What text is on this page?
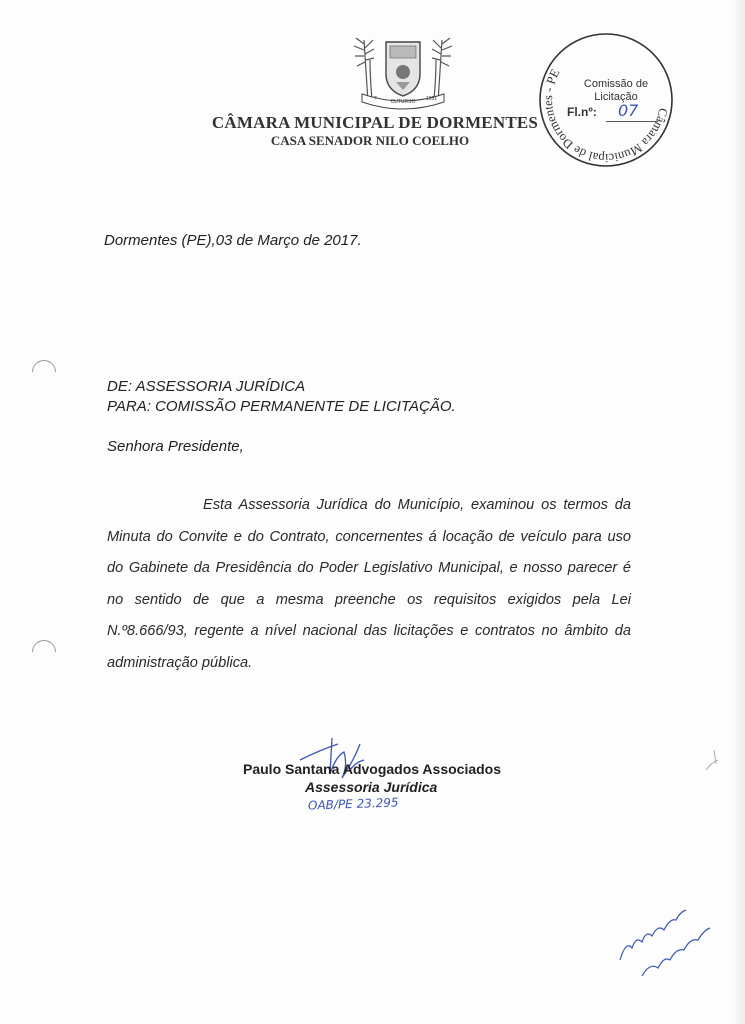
CUTURSO
?	1951
CÂMARA MUNICIPAL DE DORMENTES
CASA SENADOR NILO COELHO
Câmara Municipal de Dormentes - PE
Comissão de
Licitação
Fl.nº: 07
Dormentes (PE),03 de Março de 2017.
DE: ASSESSORIA JURÍDICA
PARA: COMISSÃO PERMANENTE DE LICITAÇÃO.
Senhora Presidente,
Esta Assessoria Jurídica do Município, examinou os termos da Minuta do Convite e do Contrato, concernentes á locação de veículo para uso do Gabinete da Presidência do Poder Legislativo Municipal, e nosso parecer é no sentido de que a mesma preenche os requisitos exigidos pela Lei N.º8.666/93, regente a nível nacional das licitações e contratos no âmbito da administração pública.
Paulo Santana Advogados Associados
Assessoria Jurídica
OAB/PE 23.295
